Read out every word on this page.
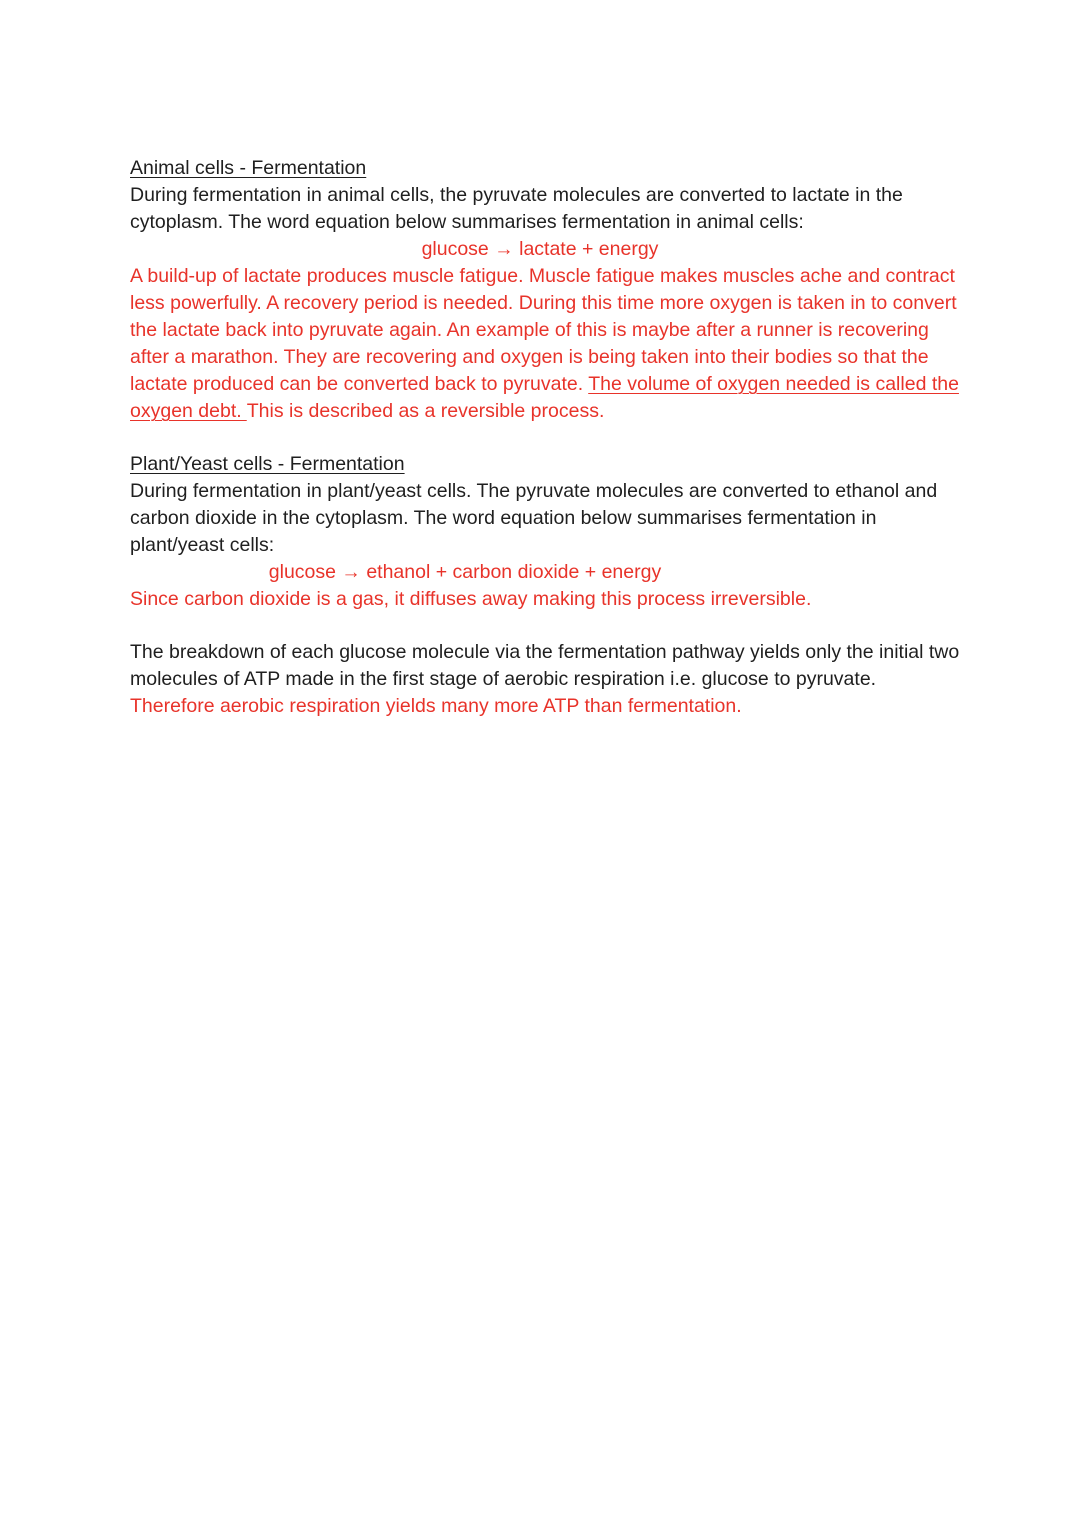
Animal cells - Fermentation

During fermentation in animal cells, the pyruvate molecules are converted to lactate in the cytoplasm. The word equation below summarises fermentation in animal cells:

glucose → lactate + energy

A build-up of lactate produces muscle fatigue. Muscle fatigue makes muscles ache and contract less powerfully. A recovery period is needed. During this time more oxygen is taken in to convert the lactate back into pyruvate again. An example of this is maybe after a runner is recovering after a marathon. They are recovering and oxygen is being taken into their bodies so that the lactate produced can be converted back to pyruvate. The volume of oxygen needed is called the oxygen debt. This is described as a reversible process.

Plant/Yeast cells - Fermentation

During fermentation in plant/yeast cells. The pyruvate molecules are converted to ethanol and carbon dioxide in the cytoplasm. The word equation below summarises fermentation in plant/yeast cells:

glucose → ethanol + carbon dioxide + energy

Since carbon dioxide is a gas, it diffuses away making this process irreversible.

The breakdown of each glucose molecule via the fermentation pathway yields only the initial two molecules of ATP made in the first stage of aerobic respiration i.e. glucose to pyruvate. Therefore aerobic respiration yields many more ATP than fermentation.
